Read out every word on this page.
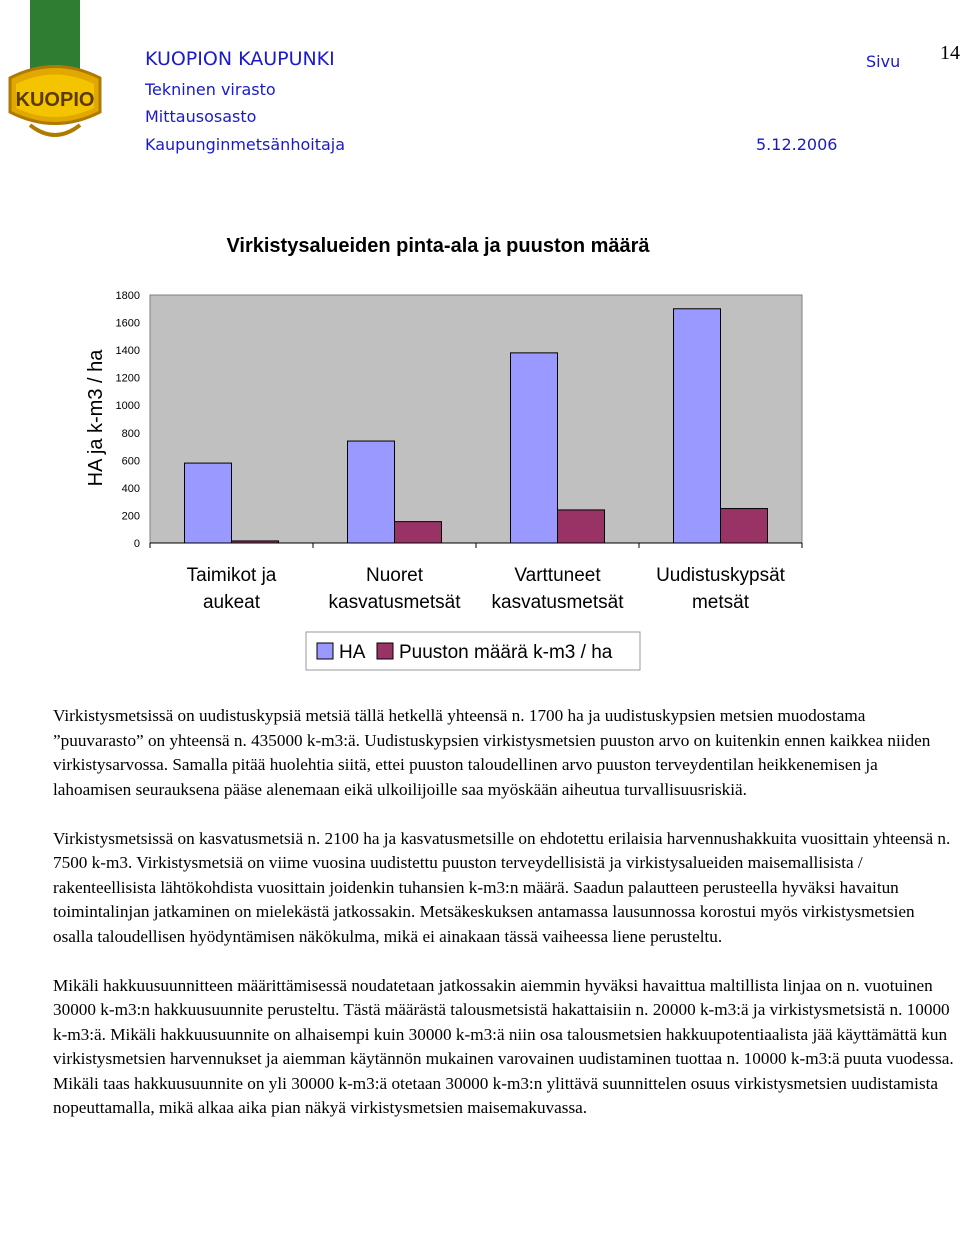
KUOPIO
KUOPION KAUPUNKI
Tekninen virasto
Mittausosasto
Kaupunginmetsänhoitaja	5.12.2006
Sivu 14
Virkistysalueiden pinta-ala ja puuston määrä
HA ja k-m3 / ha
0
200
400
600
800
1000
1200
1400
1600
1800
Taimikot ja
aukeat
Nuoret
kasvatusmetsät
Varttuneet
kasvatusmetsät
Uudistuskypsät
metsät
HA Puuston määrä k-m3 / ha

Virkistysmetsissä on uudistuskypsiä metsiä tällä hetkellä yhteensä n. 1700 ha ja uudistuskypsien metsien muodostama ”puuvarasto” on yhteensä n. 435000 k-m3:ä. Uudistuskypsien virkistysmetsien puuston arvo on kuitenkin ennen kaikkea niiden virkistysarvossa. Samalla pitää huolehtia siitä, ettei puuston taloudellinen arvo puuston terveydentilan heikkenemisen ja lahoamisen seurauksena pääse alenemaan eikä ulkoilijoille saa myöskään aiheutua turvallisuusriskiä.

Virkistysmetsissä on kasvatusmetsiä n. 2100 ha ja kasvatusmetsille on ehdotettu erilaisia harvennushakkuita vuosittain yhteensä n. 7500 k-m3. Virkistysmetsiä on viime vuosina uudistettu puuston terveydellisistä ja virkistysalueiden maisemallisista / rakenteellisista lähtökohdista vuosittain joidenkin tuhansien k-m3:n määrä. Saadun palautteen perusteella hyväksi havaitun toimintalinjan jatkaminen on mielekästä jatkossakin. Metsäkeskuksen antamassa lausunnossa korostui myös virkistysmetsien osalla taloudellisen hyödyntämisen näkökulma, mikä ei ainakaan tässä vaiheessa liene perusteltu.

Mikäli hakkuusuunnitteen määrittämisessä noudatetaan jatkossakin aiemmin hyväksi havaittua maltillista linjaa on n. vuotuinen 30000 k-m3:n hakkuusuunnite perusteltu. Tästä määrästä talousmetsistä hakattaisiin n. 20000 k-m3:ä ja virkistysmetsistä n. 10000 k-m3:ä. Mikäli hakkuusuunnite on alhaisempi kuin 30000 k-m3:ä niin osa talousmetsien hakkuupotentiaalista jää käyttämättä kun virkistysmetsien harvennukset ja aiemman käytännön mukainen varovainen uudistaminen tuottaa n. 10000 k-m3:ä puuta vuodessa. Mikäli taas hakkuusuunnite on yli 30000 k-m3:ä otetaan 30000 k-m3:n ylittävä suunnittelen osuus virkistysmetsien uudistamista nopeuttamalla, mikä alkaa aika pian näkyä virkistysmetsien maisemakuvassa.
